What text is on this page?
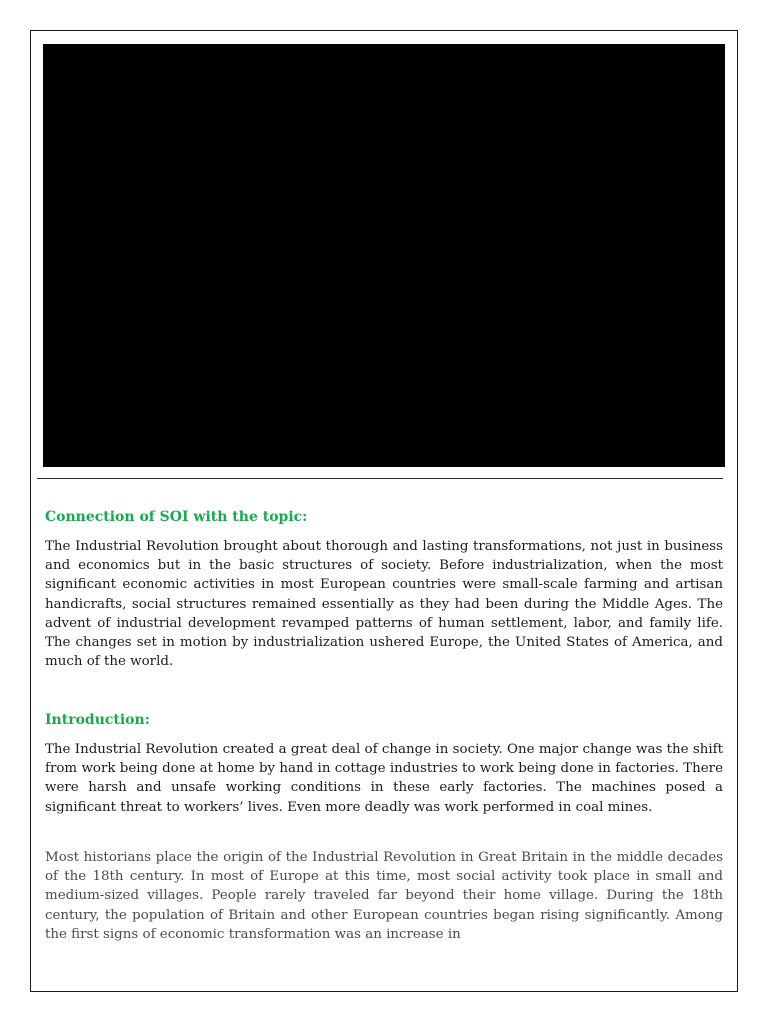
Connection of SOI with the topic:

The Industrial Revolution brought about thorough and lasting transformations, not just in business and economics but in the basic structures of society. Before industrialization, when the most significant economic activities in most European countries were small-scale farming and artisan handicrafts, social structures remained essentially as they had been during the Middle Ages. The advent of industrial development revamped patterns of human settlement, labor, and family life. The changes set in motion by industrialization ushered Europe, the United States of America, and much of the world.

Introduction:

The Industrial Revolution created a great deal of change in society. One major change was the shift from work being done at home by hand in cottage industries to work being done in factories. There were harsh and unsafe working conditions in these early factories. The machines posed a significant threat to workers’ lives. Even more deadly was work performed in coal mines.

Most historians place the origin of the Industrial Revolution in Great Britain in the middle decades of the 18th century. In most of Europe at this time, most social activity took place in small and medium-sized villages. People rarely traveled far beyond their home village. During the 18th century, the population of Britain and other European countries began rising significantly. Among the first signs of economic transformation was an increase in
